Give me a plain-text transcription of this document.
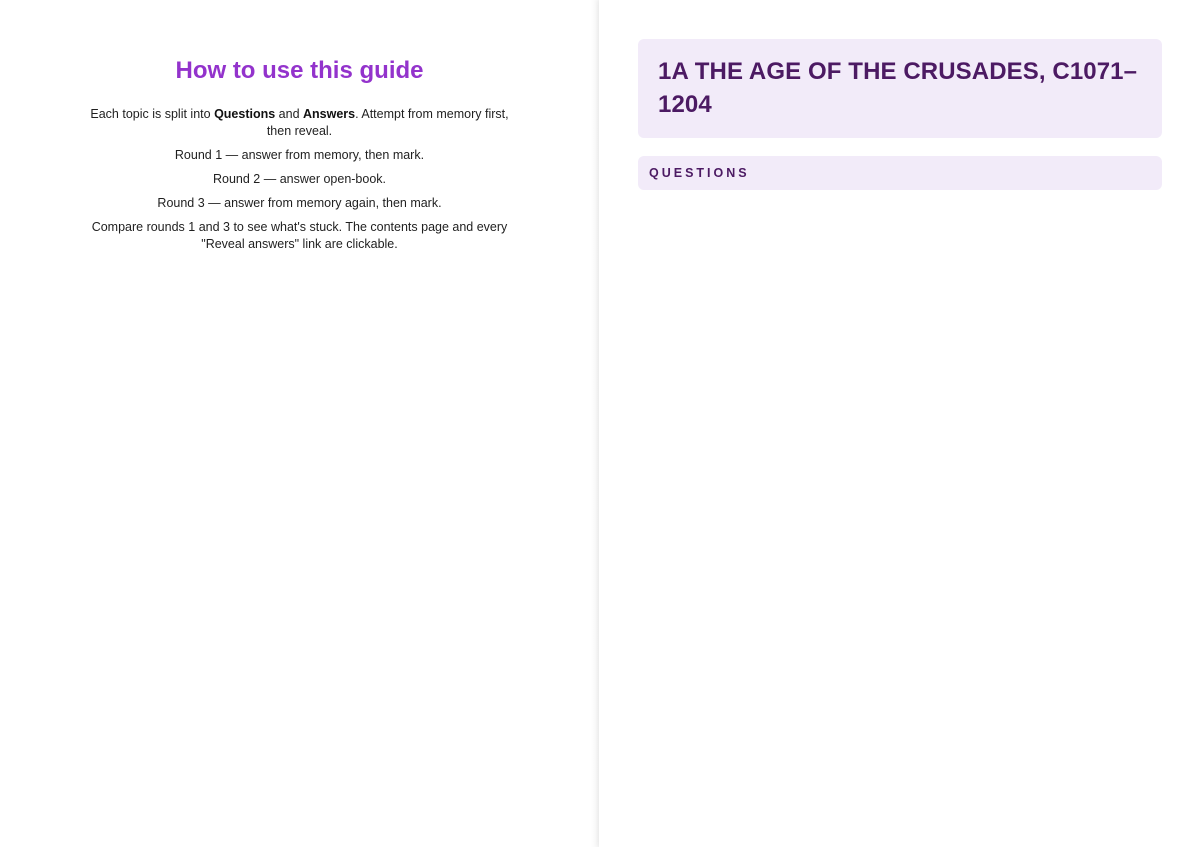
How to use this guide

Each topic is split into Questions and Answers. Attempt from memory first, then reveal.

Round 1 — answer from memory, then mark.

Round 2 — answer open-book.

Round 3 — answer from memory again, then mark.

Compare rounds 1 and 3 to see what's stuck. The contents page and every "Reveal answers" link are clickable.

1A THE AGE OF THE CRUSADES, C1071–1204
QUESTIONS
